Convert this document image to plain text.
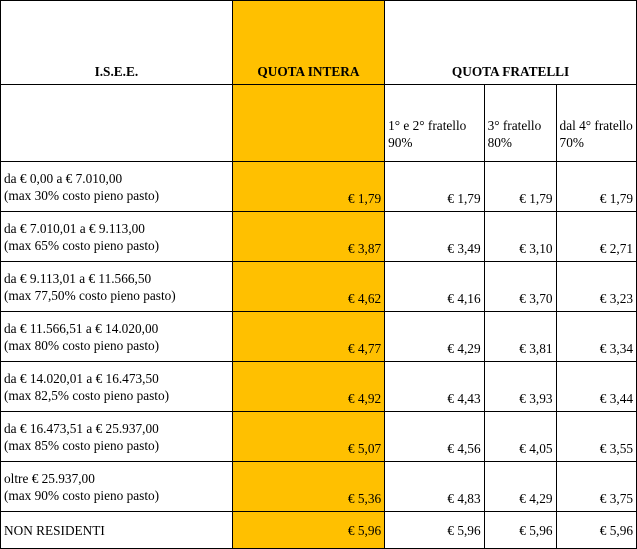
I.S.E.E.	QUOTA INTERA	QUOTA FRATELLI		
		1° e 2° fratello 90%	3° fratello 80%	dal 4° fratello 70%

da € 0,00 a € 7.010,00
(max 30% costo pieno pasto)	€ 1,79	€ 1,79	€ 1,79	€ 1,79

da € 7.010,01 a € 9.113,00
(max 65% costo pieno pasto)	€ 3,87	€ 3,49	€ 3,10	€ 2,71

da € 9.113,01 a € 11.566,50
(max 77,50% costo pieno pasto)	€ 4,62	€ 4,16	€ 3,70	€ 3,23

da € 11.566,51 a € 14.020,00
(max 80% costo pieno pasto)	€ 4,77	€ 4,29	€ 3,81	€ 3,34

da € 14.020,01 a € 16.473,50
(max 82,5% costo pieno pasto)	€ 4,92	€ 4,43	€ 3,93	€ 3,44

da € 16.473,51 a € 25.937,00
(max 85% costo pieno pasto)	€ 5,07	€ 4,56	€ 4,05	€ 3,55

oltre € 25.937,00
(max 90% costo pieno pasto)	€ 5,36	€ 4,83	€ 4,29	€ 3,75
NON RESIDENTI	€ 5,96	€ 5,96	€ 5,96	€ 5,96
